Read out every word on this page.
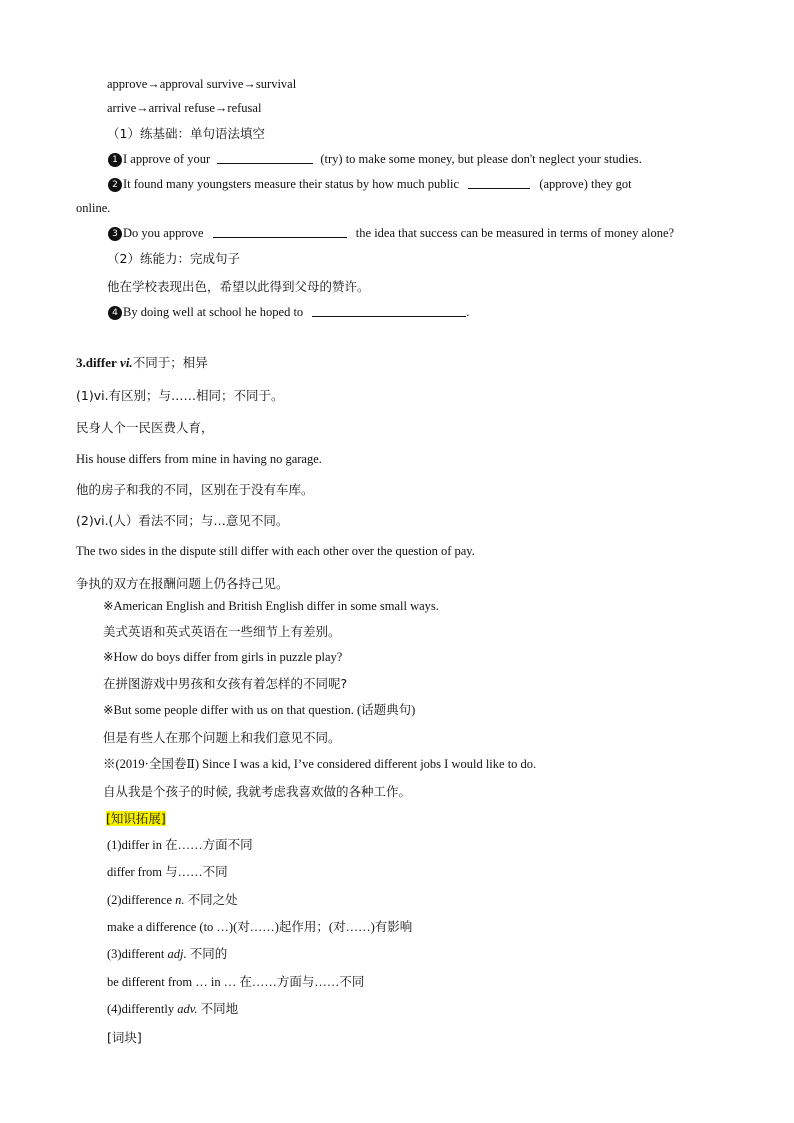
approve→approval survive→survival
arrive→arrival refuse→refusal
（1）练基础：单句语法填空
1 I approve of your	(try) to make some money, but please don't neglect your studies.
2 It found many youngsters measure their status by how much public	(approve) they got
online.
3 Do you approve	the idea that success can be measured in terms of money alone?
（2）练能力：完成句子
他在学校表现出色，希望以此得到父母的赞许。
4 By doing well at school he hoped to	.
3.differ vi.不同于；相异
(1)vi.有区别；与……相同；不同于。
民身人个一民医费人育，
His house differs from mine in having no garage.
他的房子和我的不同，区别在于没有车库。
(2)vi.(人）看法不同；与…意见不同。
The two sides in the dispute still differ with each other over the question of pay.
争执的双方在报酬问题上仍各持己见。
※American English and British English differ in some small ways.
美式英语和英式英语在一些细节上有差别。
※How do boys differ from girls in puzzle play?
在拼图游戏中男孩和女孩有着怎样的不同呢?
※But some people differ with us on that question. (话题典句)
但是有些人在那个问题上和我们意见不同。
※(2019·全国卷Ⅱ) Since I was a kid, I’ve considered different jobs I would like to do.
自从我是个孩子的时候, 我就考虑我喜欢做的各种工作。
[知识拓展]
(1)differ in 在……方面不同
differ from 与……不同
(2)difference n. 不同之处
make a difference (to …)(对……)起作用；(对……)有影响
(3)different adj. 不同的
be different from … in … 在……方面与……不同
(4)differently adv. 不同地
[词块]
